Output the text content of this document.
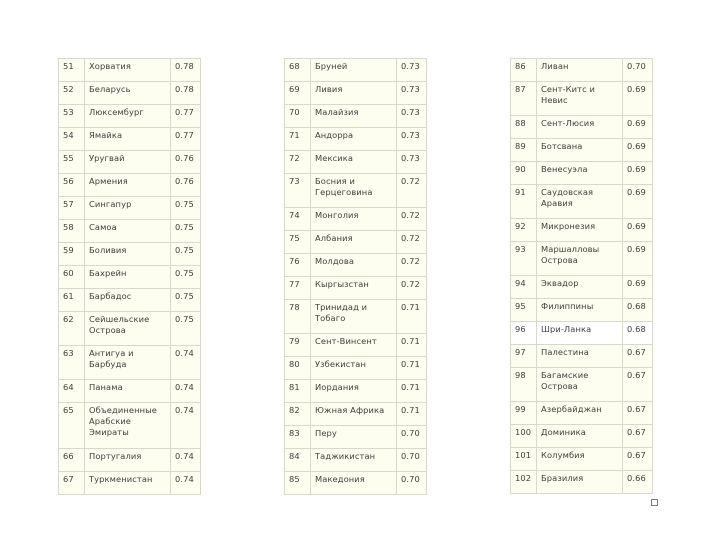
51	Хорватия	0.78
52	Беларусь	0.78
53	Люксембург	0.77
54	Ямайка	0.77
55	Уругвай	0.76
56	Армения	0.76
57	Сингапур	0.75
58	Самоа	0.75
59	Боливия	0.75
60	Бахрейн	0.75
61	Барбадос	0.75
62	Сейшельские Острова	0.75
63	Антигуа и Барбуда	0.74
64	Панама	0.74
65	Объединенные Арабские Эмираты	0.74
66	Португалия	0.74
67	Туркменистан	0.74
68	Бруней	0.73
69	Ливия	0.73
70	Малайзия	0.73
71	Андорра	0.73
72	Мексика	0.73
73	Босния и Герцеговина	0.72
74	Монголия	0.72
75	Албания	0.72
76	Молдова	0.72
77	Кыргызстан	0.72
78	Тринидад и Тобаго	0.71
79	Сент-Винсент	0.71
80	Узбекистан	0.71
81	Иордания	0.71
82	Южная Африка	0.71
83	Перу	0.70
84	Таджикистан	0.70
85	Македония	0.70
86	Ливан	0.70
87	Сент-Китс и Невис	0.69
88	Сент-Люсия	0.69
89	Ботсвана	0.69
90	Венесуэла	0.69
91	Саудовская Аравия	0.69
92	Микронезия	0.69
93	Маршалловы Острова	0.69
94	Эквадор	0.69
95	Филиппины	0.68
96	Шри-Ланка	0.68
97	Палестина	0.67
98	Багамские Острова	0.67
99	Азербайджан	0.67
100	Доминика	0.67
101	Колумбия	0.67
102	Бразилия	0.66
